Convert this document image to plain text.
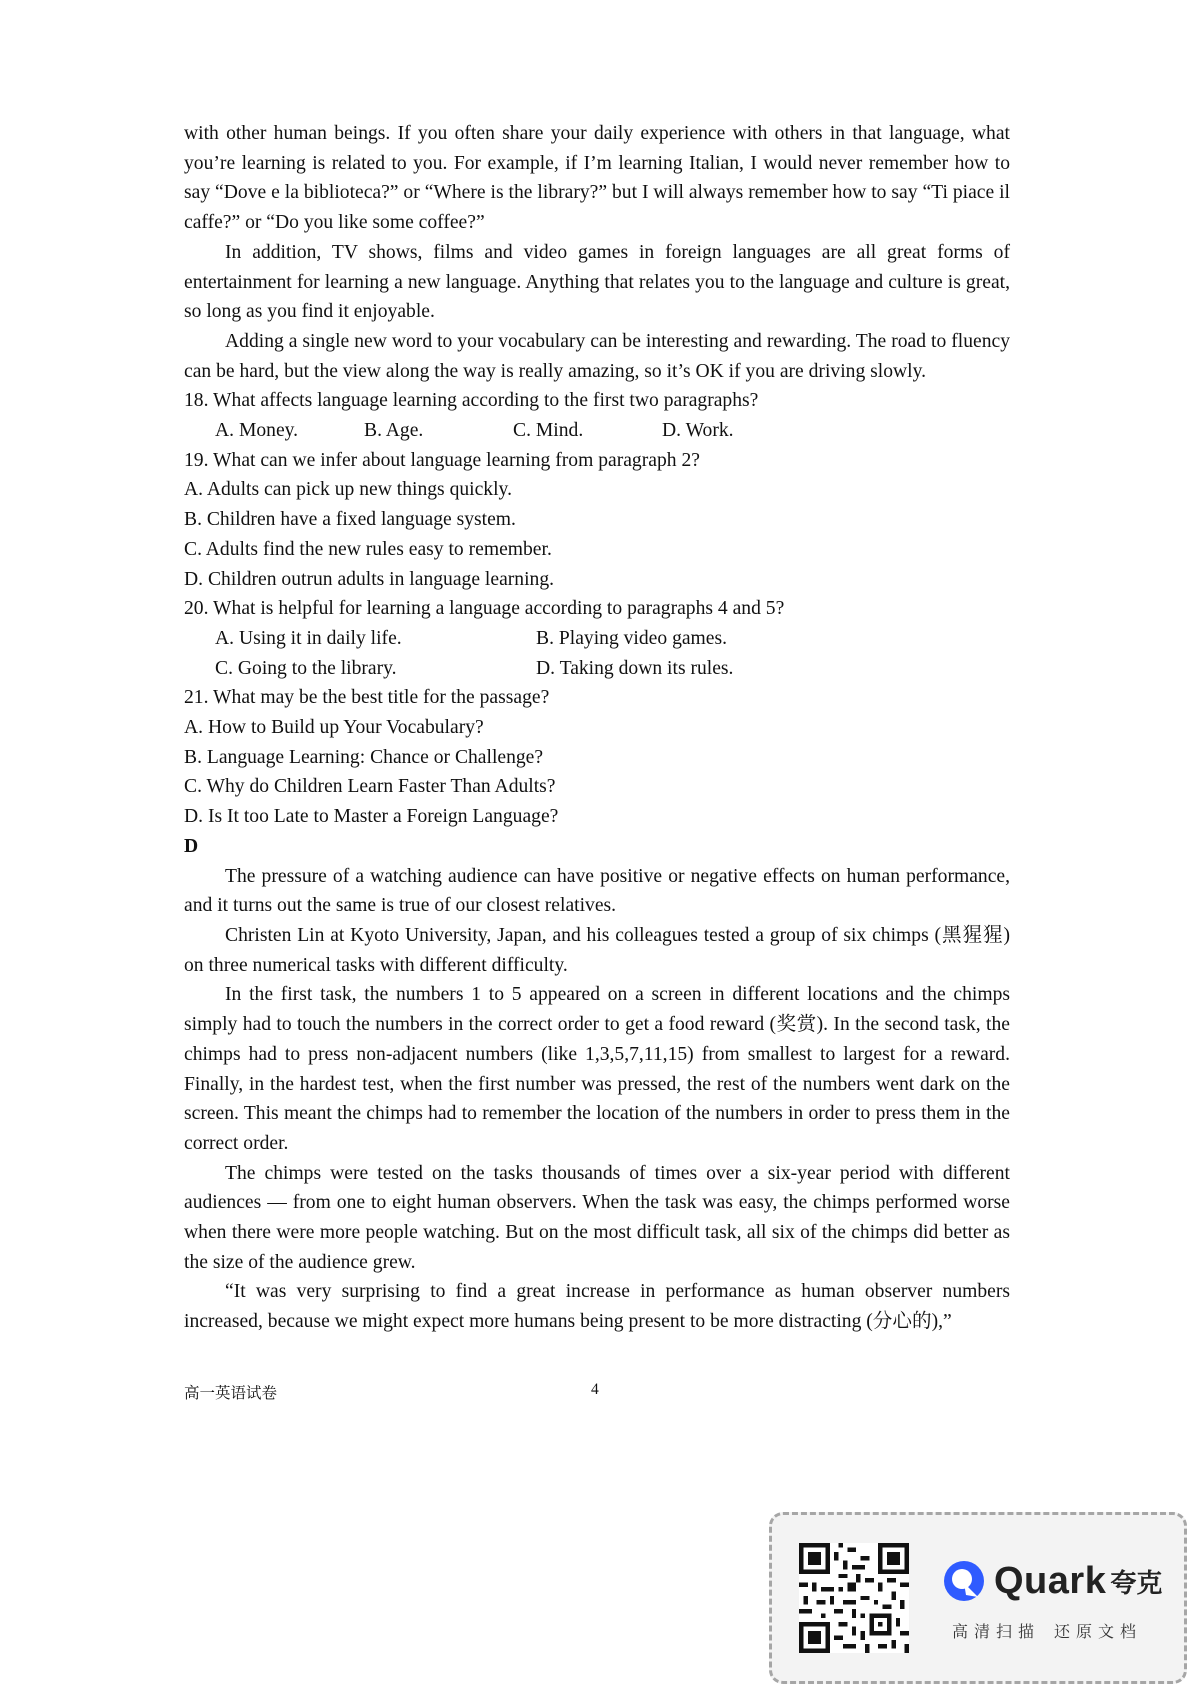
with other human beings. If you often share your daily experience with others in that language, what you’re learning is related to you. For example, if I’m learning Italian, I would never remember how to say “Dove e la biblioteca?” or “Where is the library?” but I will always remember how to say “Ti piace il caffe?” or “Do you like some coffee?”

In addition, TV shows, films and video games in foreign languages are all great forms of entertainment for learning a new language. Anything that relates you to the language and culture is great, so long as you find it enjoyable.

Adding a single new word to your vocabulary can be interesting and rewarding. The road to fluency can be hard, but the view along the way is really amazing, so it’s OK if you are driving slowly.

18. What affects language learning according to the first two paragraphs?

A. Money.	B. Age.	C. Mind.	D. Work.

19. What can we infer about language learning from paragraph 2?

A. Adults can pick up new things quickly.

B. Children have a fixed language system.

C. Adults find the new rules easy to remember.

D. Children outrun adults in language learning.

20. What is helpful for learning a language according to paragraphs 4 and 5?

A. Using it in daily life.	B. Playing video games.
C. Going to the library.	D. Taking down its rules.

21. What may be the best title for the passage?

A. How to Build up Your Vocabulary?

B. Language Learning: Chance or Challenge?

C. Why do Children Learn Faster Than Adults?

D. Is It too Late to Master a Foreign Language?

D

The pressure of a watching audience can have positive or negative effects on human performance, and it turns out the same is true of our closest relatives.

Christen Lin at Kyoto University, Japan, and his colleagues tested a group of six chimps (黑猩猩) on three numerical tasks with different difficulty.

In the first task, the numbers 1 to 5 appeared on a screen in different locations and the chimps simply had to touch the numbers in the correct order to get a food reward (奖赏). In the second task, the chimps had to press non-adjacent numbers (like 1,3,5,7,11,15) from smallest to largest for a reward. Finally, in the hardest test, when the first number was pressed, the rest of the numbers went dark on the screen. This meant the chimps had to remember the location of the numbers in order to press them in the correct order.

The chimps were tested on the tasks thousands of times over a six-year period with different audiences — from one to eight human observers. When the task was easy, the chimps performed worse when there were more people watching. But on the most difficult task, all six of the chimps did better as the size of the audience grew.

“It was very surprising to find a great increase in performance as human observer numbers increased, because we might expect more humans being present to be more distracting (分心的),”

高一英语试卷	4
Quark 夸克
高清扫描 还原文档
